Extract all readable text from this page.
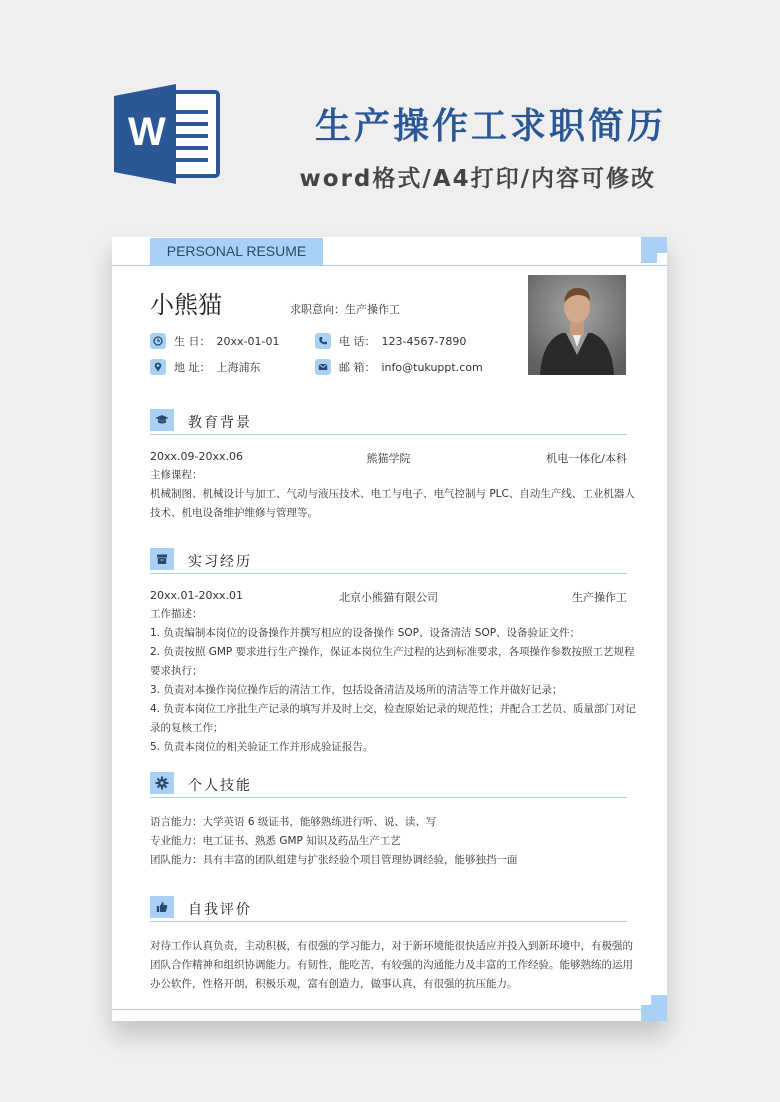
W	生产操作工求职简历
word格式/A4打印/内容可修改
PERSONAL RESUME
小熊猫	求职意向：生产操作工
生 日： 20xx-01-01	电 话： 123-4567-7890
地 址： 上海浦东	邮 箱： info@tukuppt.com
教育背景
20xx.09-20xx.06	熊猫学院	机电一体化/本科
主修课程：
机械制图、机械设计与加工、气动与液压技术、电工与电子、电气控制与 PLC、自动生产线、工业机器人
技术、机电设备维护维修与管理等。
实习经历
20xx.01-20xx.01	北京小熊猫有限公司	生产操作工
工作描述：
1. 负责编制本岗位的设备操作并撰写相应的设备操作 SOP、设备清洁 SOP、设备验证文件；
2. 负责按照 GMP 要求进行生产操作，保证本岗位生产过程的达到标准要求，各项操作参数按照工艺规程
要求执行；
3. 负责对本操作岗位操作后的清洁工作，包括设备清洁及场所的清洁等工作并做好记录；
4. 负责本岗位工序批生产记录的填写并及时上交，检查原始记录的规范性；并配合工艺员、质量部门对记
录的复核工作；
5. 负责本岗位的相关验证工作并形成验证报告。
个人技能
语言能力：大学英语 6 级证书，能够熟练进行听、说、读、写
专业能力：电工证书、熟悉 GMP 知识及药品生产工艺
团队能力：具有丰富的团队组建与扩张经验个项目管理协调经验，能够独挡一面
自我评价
对待工作认真负责，主动积极，有很强的学习能力，对于新环境能很快适应并投入到新环境中，有极强的
团队合作精神和组织协调能力。有韧性，能吃苦，有较强的沟通能力及丰富的工作经验。能够熟练的运用
办公软件，性格开朗，积极乐观，富有创造力，做事认真，有很强的抗压能力。
